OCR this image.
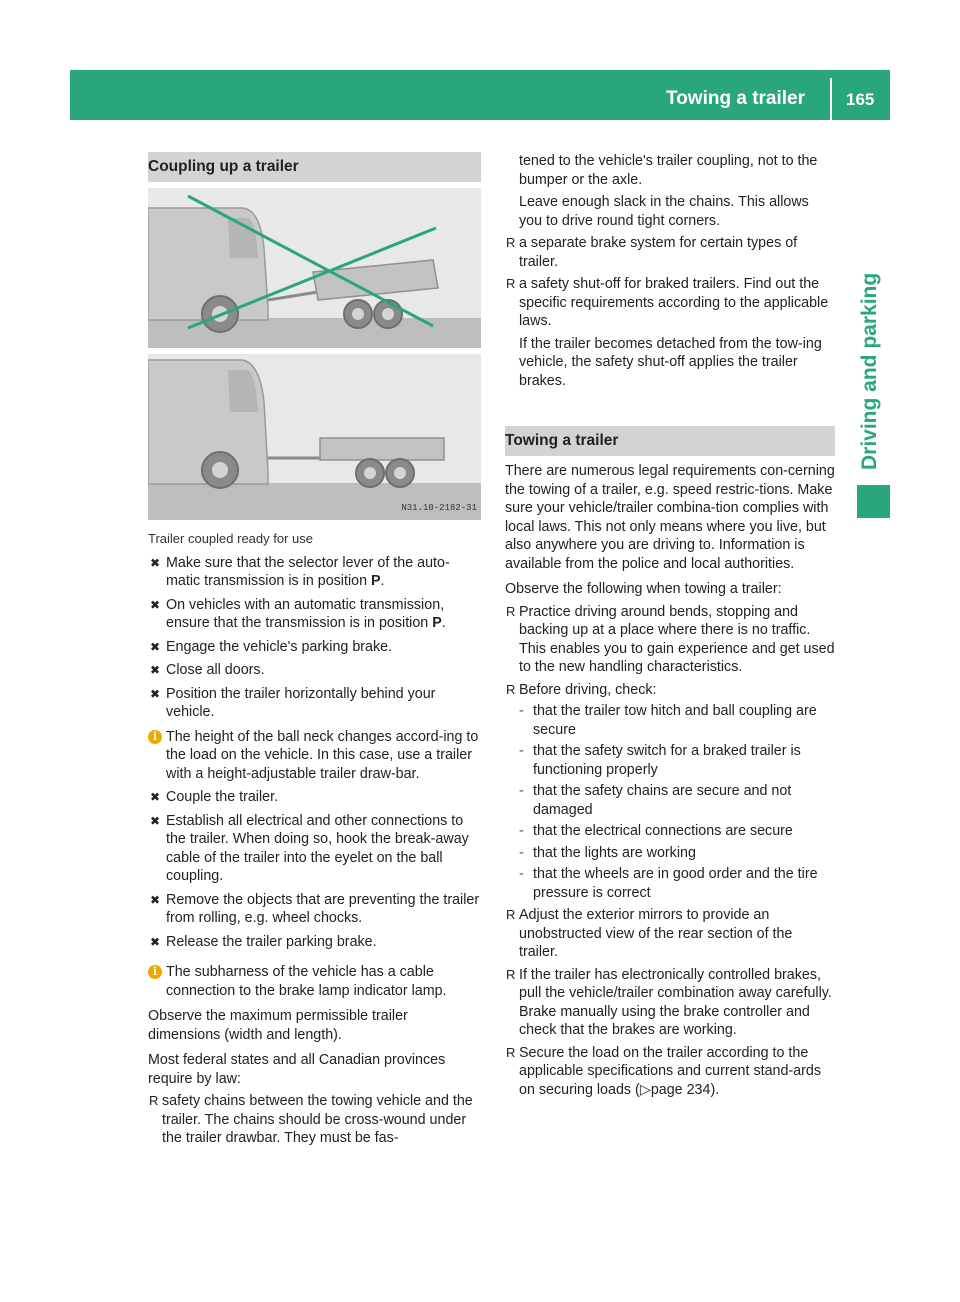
Towing a trailer 165
Driving and parking
Coupling up a trailer
N31.10-2182-31
Trailer coupled ready for use
✖ Make sure that the selector lever of the auto-matic transmission is in position P.
✖ On vehicles with an automatic transmission, ensure that the transmission is in position P.
✖ Engage the vehicle's parking brake.
✖ Close all doors.
✖ Position the trailer horizontally behind your vehicle.
i The height of the ball neck changes accord-ing to the load on the vehicle. In this case, use a trailer with a height-adjustable trailer draw-bar.
✖ Couple the trailer.
✖ Establish all electrical and other connections to the trailer. When doing so, hook the break-away cable of the trailer into the eyelet on the ball coupling.
✖ Remove the objects that are preventing the trailer from rolling, e.g. wheel chocks.
✖ Release the trailer parking brake.
i The subharness of the vehicle has a cable connection to the brake lamp indicator lamp.
Observe the maximum permissible trailer dimensions (width and length).
Most federal states and all Canadian provinces require by law:
R safety chains between the towing vehicle and the trailer. The chains should be cross-wound under the trailer drawbar. They must be fas-
tened to the vehicle's trailer coupling, not to the bumper or the axle.
Leave enough slack in the chains. This allows you to drive round tight corners.
R a separate brake system for certain types of trailer.
R a safety shut-off for braked trailers. Find out the specific requirements according to the applicable laws.
If the trailer becomes detached from the tow-ing vehicle, the safety shut-off applies the trailer brakes.
Towing a trailer
There are numerous legal requirements con-cerning the towing of a trailer, e.g. speed restric-tions. Make sure your vehicle/trailer combina-tion complies with local laws. This not only means where you live, but also anywhere you are driving to. Information is available from the police and local authorities.
Observe the following when towing a trailer:
R Practice driving around bends, stopping and backing up at a place where there is no traffic. This enables you to gain experience and get used to the new handling characteristics.
R Before driving, check:
- that the trailer tow hitch and ball coupling are secure
- that the safety switch for a braked trailer is functioning properly
- that the safety chains are secure and not damaged
- that the electrical connections are secure
- that the lights are working
- that the wheels are in good order and the tire pressure is correct
R Adjust the exterior mirrors to provide an unobstructed view of the rear section of the trailer.
R If the trailer has electronically controlled brakes, pull the vehicle/trailer combination away carefully. Brake manually using the brake controller and check that the brakes are working.
R Secure the load on the trailer according to the applicable specifications and current stand-ards on securing loads (▷page 234).
